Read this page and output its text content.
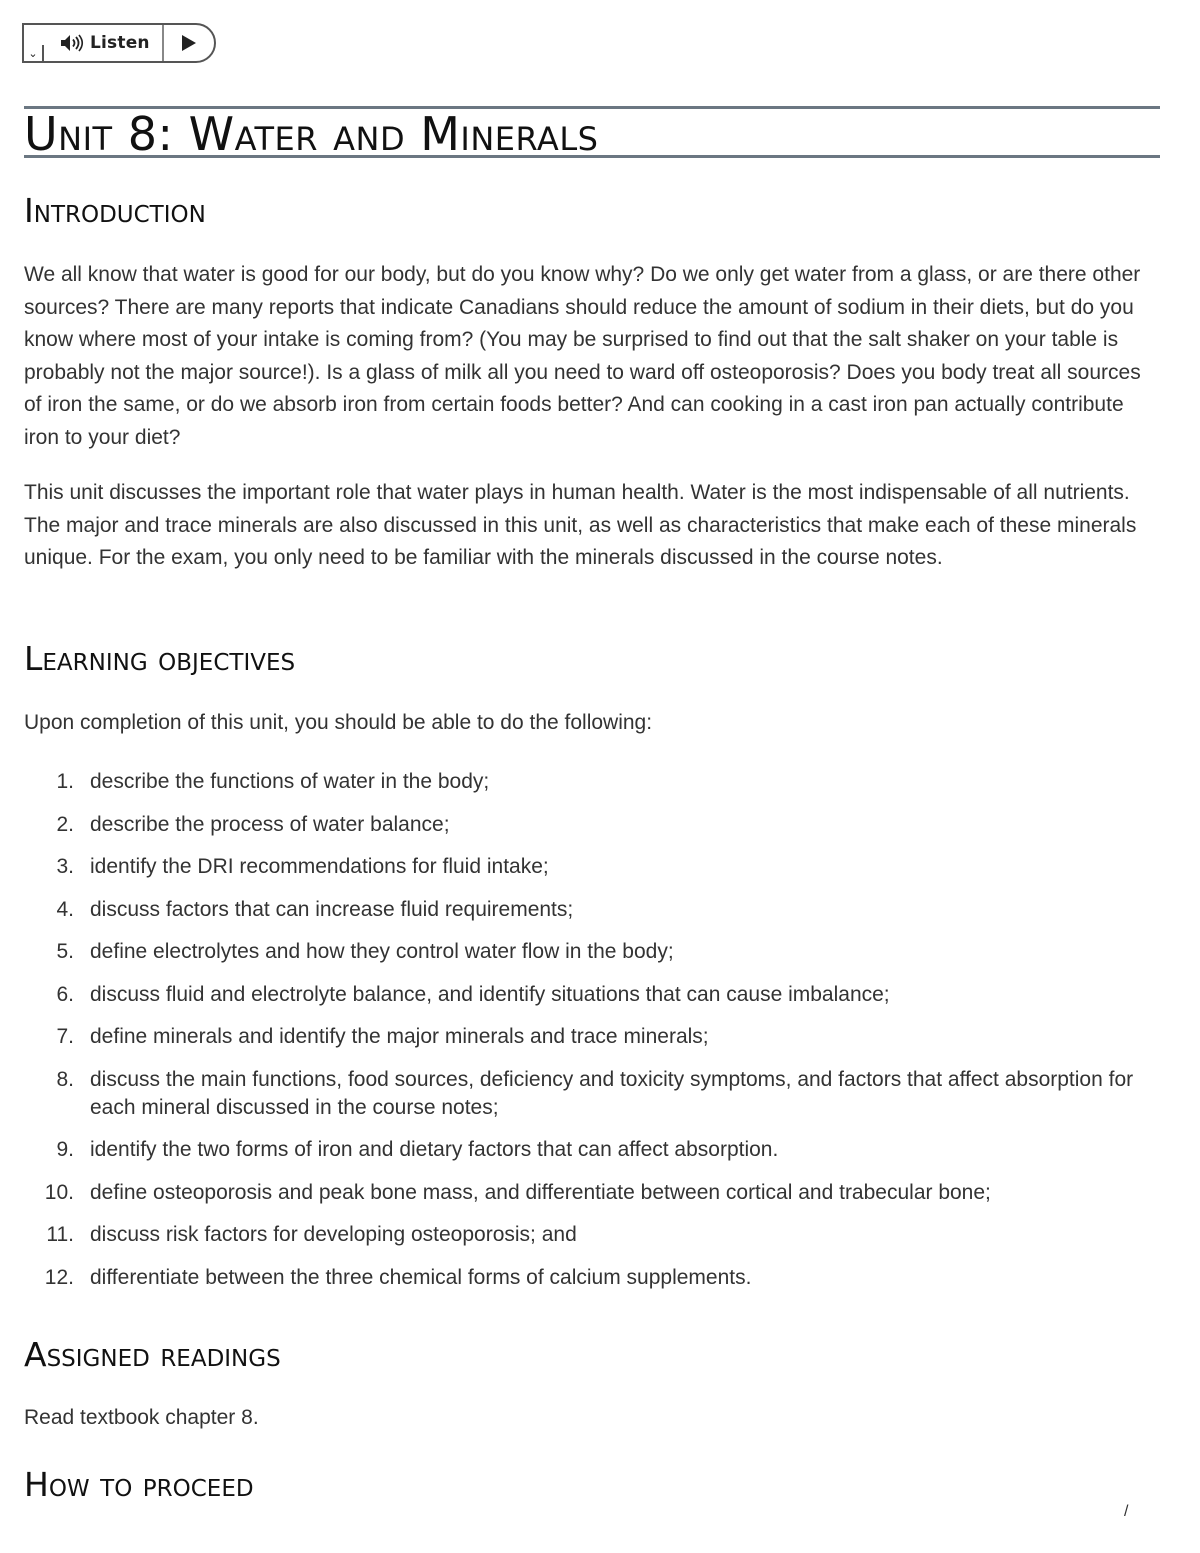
⌄	Listen
Unit 8: Water and Minerals
Introduction

We all know that water is good for our body, but do you know why? Do we only get water from a glass, or are there other sources? There are many reports that indicate Canadians should reduce the amount of sodium in their diets, but do you know where most of your intake is coming from? (You may be surprised to find out that the salt shaker on your table is probably not the major source!). Is a glass of milk all you need to ward off osteoporosis? Does you body treat all sources of iron the same, or do we absorb iron from certain foods better? And can cooking in a cast iron pan actually contribute iron to your diet?

This unit discusses the important role that water plays in human health. Water is the most indispensable of all nutrients. The major and trace minerals are also discussed in this unit, as well as characteristics that make each of these minerals unique. For the exam, you only need to be familiar with the minerals discussed in the course notes.

Learning objectives

Upon completion of this unit, you should be able to do the following:

1. describe the functions of water in the body;
2. describe the process of water balance;
3. identify the DRI recommendations for fluid intake;
4. discuss factors that can increase fluid requirements;
5. define electrolytes and how they control water flow in the body;
6. discuss fluid and electrolyte balance, and identify situations that can cause imbalance;
7. define minerals and identify the major minerals and trace minerals;
8. discuss the main functions, food sources, deficiency and toxicity symptoms, and factors that affect absorption for each mineral discussed in the course notes;
9. identify the two forms of iron and dietary factors that can affect absorption.
10. define osteoporosis and peak bone mass, and differentiate between cortical and trabecular bone;
11. discuss risk factors for developing osteoporosis; and
12. differentiate between the three chemical forms of calcium supplements.
Assigned readings

Read textbook chapter 8.

How to proceed
/
